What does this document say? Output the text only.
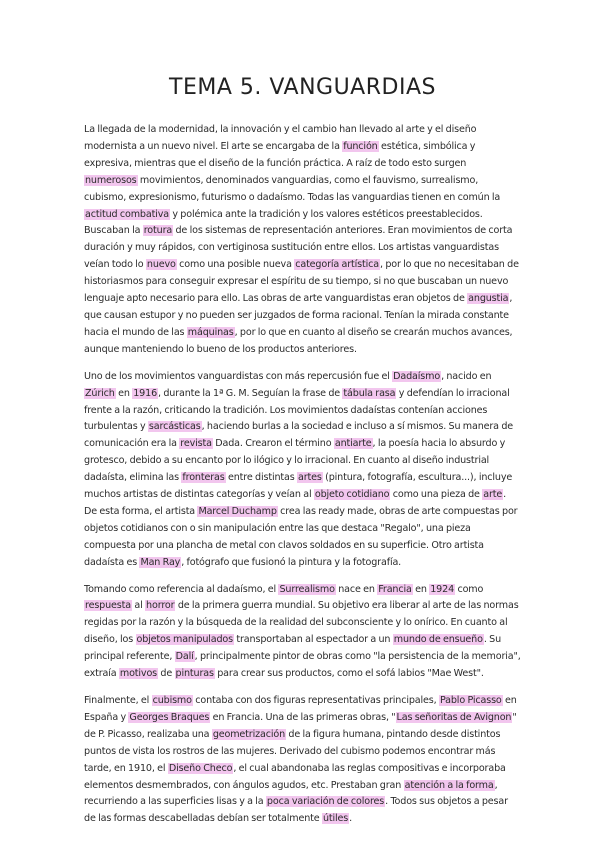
TEMA 5. VANGUARDIAS
La llegada de la modernidad, la innovación y el cambio han llevado al arte y el diseño modernista a un nuevo nivel. El arte se encargaba de la función estética, simbólica y expresiva, mientras que el diseño de la función práctica. A raíz de todo esto surgen numerosos movimientos, denominados vanguardias, como el fauvismo, surrealismo, cubismo, expresionismo, futurismo o dadaísmo. Todas las vanguardias tienen en común la actitud combativa y polémica ante la tradición y los valores estéticos preestablecidos. Buscaban la rotura de los sistemas de representación anteriores. Eran movimientos de corta duración y muy rápidos, con vertiginosa sustitución entre ellos. Los artistas vanguardistas veían todo lo nuevo como una posible nueva categoría artística, por lo que no necesitaban de historiasmos para conseguir expresar el espíritu de su tiempo, si no que buscaban un nuevo lenguaje apto necesario para ello. Las obras de arte vanguardistas eran objetos de angustia, que causan estupor y no pueden ser juzgados de forma racional. Tenían la mirada constante hacia el mundo de las máquinas, por lo que en cuanto al diseño se crearán muchos avances, aunque manteniendo lo bueno de los productos anteriores.
Uno de los movimientos vanguardistas con más repercusión fue el Dadaísmo, nacido en Zúrich en 1916, durante la 1ª G. M. Seguían la frase de tábula rasa y defendían lo irracional frente a la razón, criticando la tradición. Los movimientos dadaístas contenían acciones turbulentas y sarcásticas, haciendo burlas a la sociedad e incluso a sí mismos. Su manera de comunicación era la revista Dada. Crearon el término antiarte, la poesía hacia lo absurdo y grotesco, debido a su encanto por lo ilógico y lo irracional. En cuanto al diseño industrial dadaísta, elimina las fronteras entre distintas artes (pintura, fotografía, escultura...), incluye muchos artistas de distintas categorías y veían al objeto cotidiano como una pieza de arte. De esta forma, el artista Marcel Duchamp crea las ready made, obras de arte compuestas por objetos cotidianos con o sin manipulación entre las que destaca "Regalo", una pieza compuesta por una plancha de metal con clavos soldados en su superficie. Otro artista dadaísta es Man Ray, fotógrafo que fusionó la pintura y la fotografía.
Tomando como referencia al dadaísmo, el Surrealismo nace en Francia en 1924 como respuesta al horror de la primera guerra mundial. Su objetivo era liberar al arte de las normas regidas por la razón y la búsqueda de la realidad del subconsciente y lo onírico. En cuanto al diseño, los objetos manipulados transportaban al espectador a un mundo de ensueño. Su principal referente, Dalí, principalmente pintor de obras como "la persistencia de la memoria", extraía motivos de pinturas para crear sus productos, como el sofá labios "Mae West".
Finalmente, el cubismo contaba con dos figuras representativas principales, Pablo Picasso en España y Georges Braques en Francia. Una de las primeras obras, "Las señoritas de Avignon" de P. Picasso, realizaba una geometrización de la figura humana, pintando desde distintos puntos de vista los rostros de las mujeres. Derivado del cubismo podemos encontrar más tarde, en 1910, el Diseño Checo, el cual abandonaba las reglas compositivas e incorporaba elementos desmembrados, con ángulos agudos, etc. Prestaban gran atención a la forma, recurriendo a las superficies lisas y a la poca variación de colores. Todos sus objetos a pesar de las formas descabelladas debían ser totalmente útiles.
